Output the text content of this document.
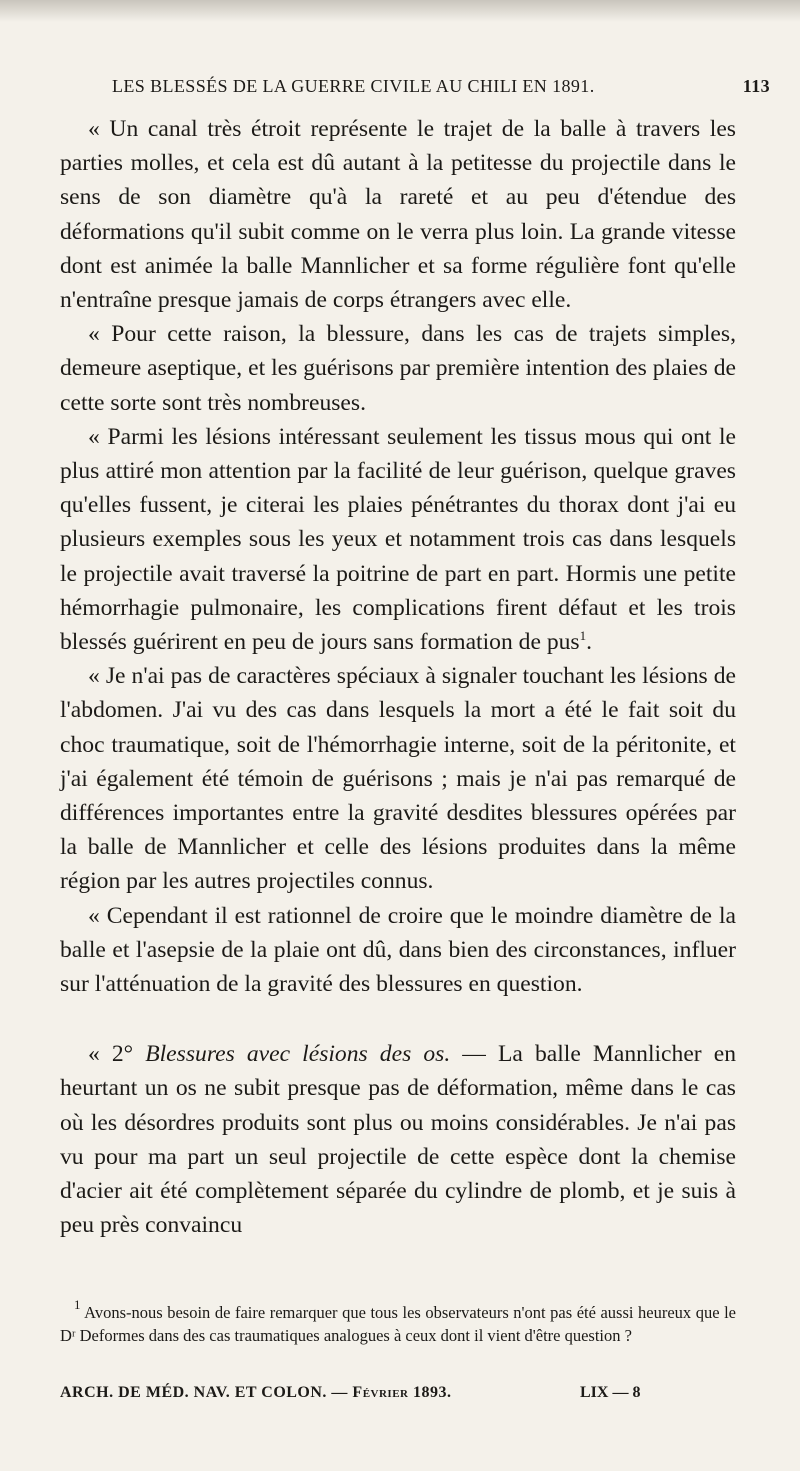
LES BLESSÉS DE LA GUERRE CIVILE AU CHILI EN 1891.	113

« Un canal très étroit représente le trajet de la balle à travers les parties molles, et cela est dû autant à la petitesse du projectile dans le sens de son diamètre qu'à la rareté et au peu d'étendue des déformations qu'il subit comme on le verra plus loin. La grande vitesse dont est animée la balle Mannlicher et sa forme régulière font qu'elle n'entraîne presque jamais de corps étrangers avec elle.

« Pour cette raison, la blessure, dans les cas de trajets simples, demeure aseptique, et les guérisons par première intention des plaies de cette sorte sont très nombreuses.

« Parmi les lésions intéressant seulement les tissus mous qui ont le plus attiré mon attention par la facilité de leur guérison, quelque graves qu'elles fussent, je citerai les plaies pénétrantes du thorax dont j'ai eu plusieurs exemples sous les yeux et notamment trois cas dans lesquels le projectile avait traversé la poitrine de part en part. Hormis une petite hémorrhagie pulmonaire, les complications firent défaut et les trois blessés guérirent en peu de jours sans formation de pus$^1$.

« Je n'ai pas de caractères spéciaux à signaler touchant les lésions de l'abdomen. J'ai vu des cas dans lesquels la mort a été le fait soit du choc traumatique, soit de l'hémorrhagie interne, soit de la péritonite, et j'ai également été témoin de guérisons ; mais je n'ai pas remarqué de différences importantes entre la gravité desdites blessures opérées par la balle de Mannlicher et celle des lésions produites dans la même région par les autres projectiles connus.

« Cependant il est rationnel de croire que le moindre diamètre de la balle et l'asepsie de la plaie ont dû, dans bien des circonstances, influer sur l'atténuation de la gravité des blessures en question.

« 2° Blessures avec lésions des os. — La balle Mannlicher en heurtant un os ne subit presque pas de déformation, même dans le cas où les désordres produits sont plus ou moins considérables. Je n'ai pas vu pour ma part un seul projectile de cette espèce dont la chemise d'acier ait été complètement séparée du cylindre de plomb, et je suis à peu près convaincu

$^1$ Avons-nous besoin de faire remarquer que tous les observateurs n'ont pas été aussi heureux que le Dʳ Deformes dans des cas traumatiques analogues à ceux dont il vient d'être question ?

ARCH. DE MÉD. NAV. ET COLON. — Février 1893.	LIX — 8
